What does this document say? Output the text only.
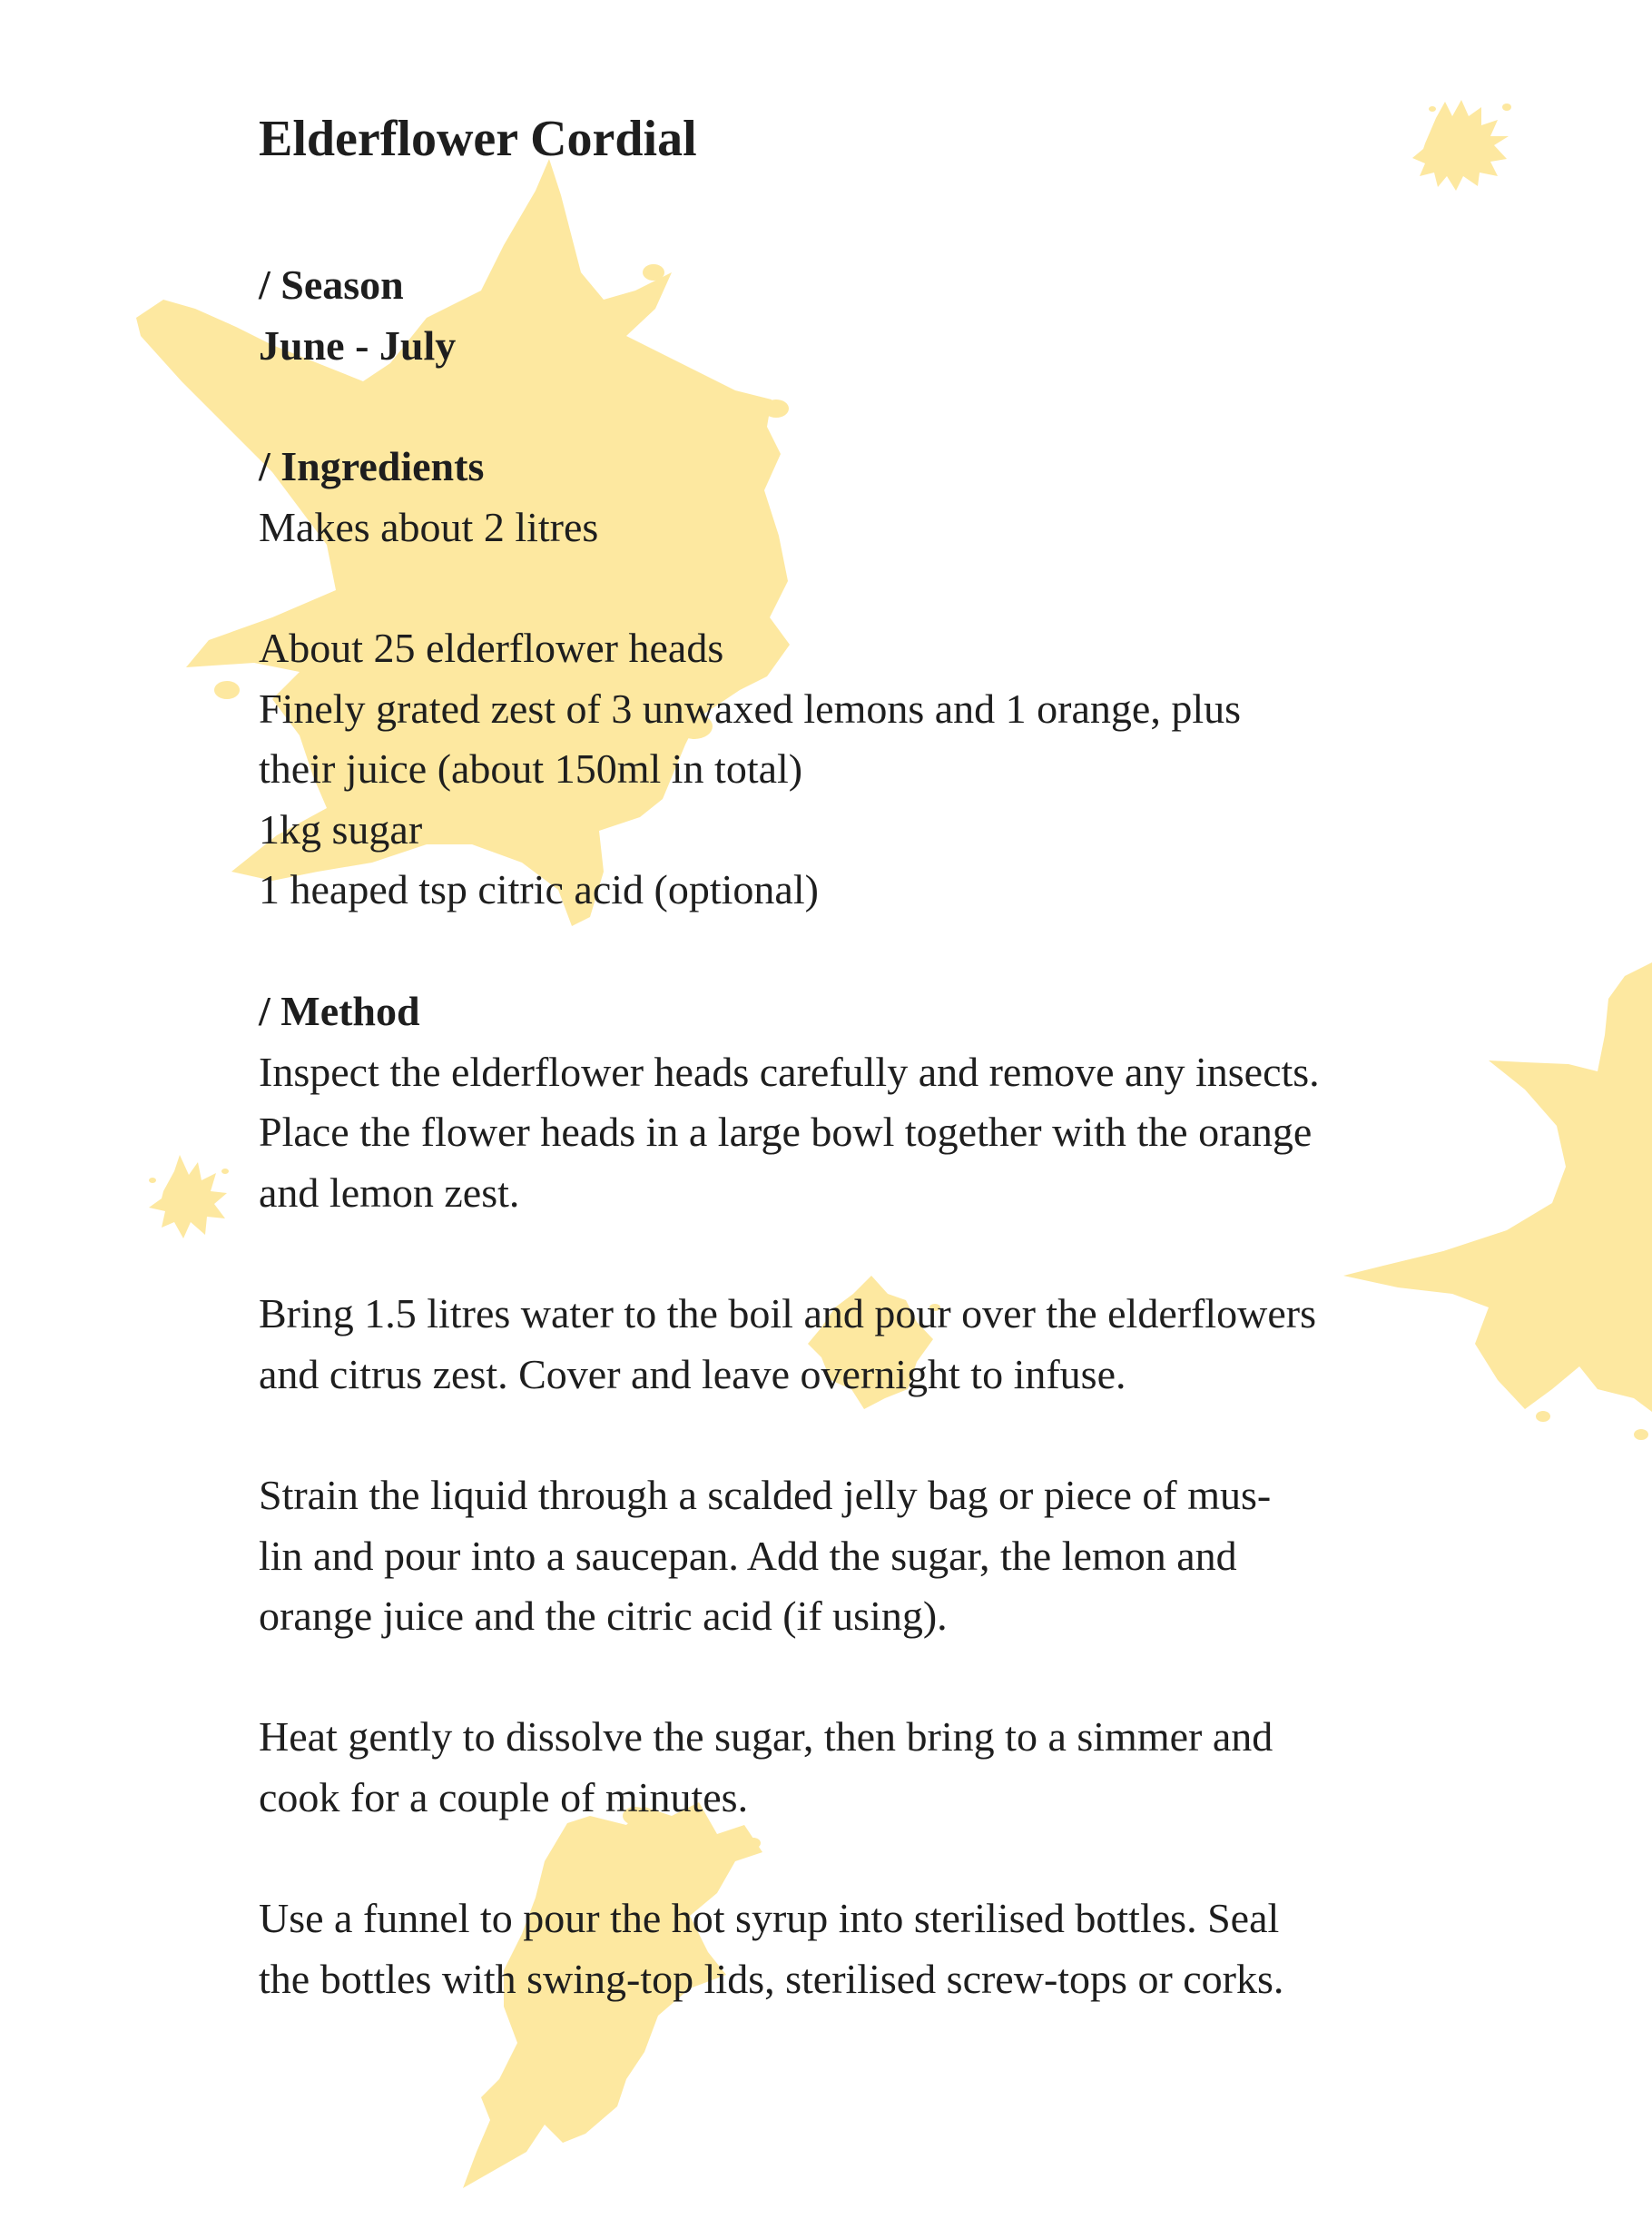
Elderflower Cordial
/ Season
June - July
/ Ingredients
Makes about 2 litres
About 25 elderflower heads
Finely grated zest of 3 unwaxed lemons and 1 orange, plus
their juice (about 150ml in total)
1kg sugar
1 heaped tsp citric acid (optional)
/ Method
Inspect the elderflower heads carefully and remove any insects.
Place the flower heads in a large bowl together with the orange
and lemon zest.
Bring 1.5 litres water to the boil and pour over the elderflowers
and citrus zest. Cover and leave overnight to infuse.
Strain the liquid through a scalded jelly bag or piece of mus-
lin and pour into a saucepan. Add the sugar, the lemon and
orange juice and the citric acid (if using).
Heat gently to dissolve the sugar, then bring to a simmer and
cook for a couple of minutes.
Use a funnel to pour the hot syrup into sterilised bottles. Seal
the bottles with swing-top lids, sterilised screw-tops or corks.
